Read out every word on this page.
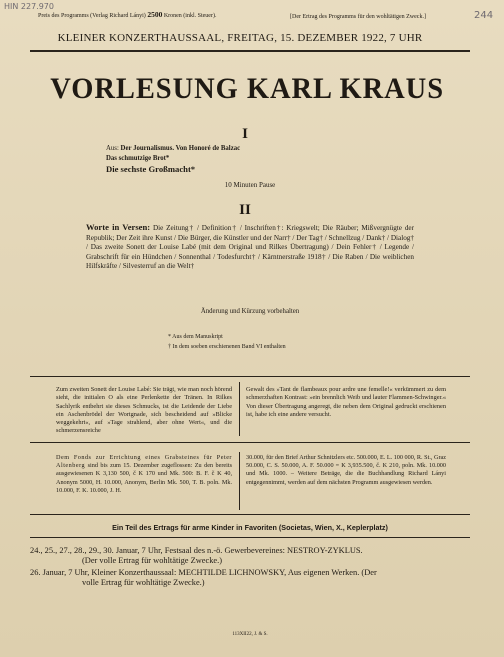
HIN 227.970
244
Preis des Programms (Verlag Richard Lányi) 2500 Kronen (inkl. Steuer).	[Der Ertrag des Programms für den wohltätigen Zweck.]
KLEINER KONZERTHAUSSAAL, FREITAG, 15. DEZEMBER 1922, 7 UHR
VORLESUNG KARL KRAUS
I
Aus: Der Journalismus. Von Honoré de Balzac
Das schmutzige Brot*
Die sechste Großmacht*
10 Minuten Pause
II
Worte in Versen: Die Zeitung† / Definition† / Inschriften†: Kriegswelt; Die Räuber; Mißvergnügte der Republik; Der Zeit ihre Kunst / Die Bürger, die Künstler und der Narr† / Der Tag† / Schnellzug / Dank† / Dialog† / Das zweite Sonett der Louise Labé (mit dem Original und Rilkes Übertragung) / Dein Fehler† / Legende / Grabschrift für ein Hündchen / Sonnenthal / Todesfurcht† / Kärntnerstraße 1918† / Die Raben / Die weiblichen Hilfskräfte / Silvesterruf an die Welt†
Änderung und Kürzung vorbehalten
* Aus dem Manuskript
† In dem soeben erschienenen Band VI enthalten
Zum zweiten Sonett der Louise Labé: Sie trägt, wie man noch hörend sieht, die initialen O als eine Perlenkette der Tränen. In Rilkes Sachlyrik entbehrt sie dieses Schmucks, ist die Leidende der Liebe ein Aschenbrödel der Wortgnade, sich bescheidend auf »Blicke weggekehrt«, auf »Tage strahlend, aber ohne Wert«, und die schmerzensreiche
Gewalt des »Tant de flambeaux pour ardre une femelle!« verkümmert zu dem schmerzhaften Kontrast: »ein brennlich Weib und lauter Flammen-Schwinger.« Von dieser Übertragung angeregt, die neben dem Original gedruckt erschienen ist, habe ich eine andere versucht.
Dem Fonds zur Errichtung eines Grabsteines für Peter Altenberg sind bis zum 15. Dezember zugeflossen: Zu den bereits ausgewiesenen K 3,130 500, č K 170 und Mk. 500: B. F. č K 40, Anonym 5000, H. 10.000, Anonym, Berlin Mk. 500, T. B. poln. Mk. 10.000, F. K. 10.000, J. H.
30.000, für den Brief Arthur Schnitzlers etc. 500.000, E. L. 100 000, R. St., Graz 50.000, C. S. 50.000, A. F. 50.000 = K 3,935.500, č. K 210, poln. Mk. 10.000 und Mk. 1000. – Weitere Beträge, die die Buchhandlung Richard Lányi entgegennimmt, werden auf dem nächsten Programm ausgewiesen werden.
Ein Teil des Ertrags für arme Kinder in Favoriten (Societas, Wien, X., Keplerplatz)
24., 25., 27., 28., 29., 30. Januar, 7 Uhr, Festsaal des n.-ö. Gewerbevereines: NESTROY-ZYKLUS.
(Der volle Ertrag für wohltätige Zwecke.)
26. Januar, 7 Uhr, Kleiner Konzerthaussaal: MECHTILDE LICHNOWSKY, Aus eigenen Werken. (Der
volle Ertrag für wohltätige Zwecke.)
113XII22, J. & S.
